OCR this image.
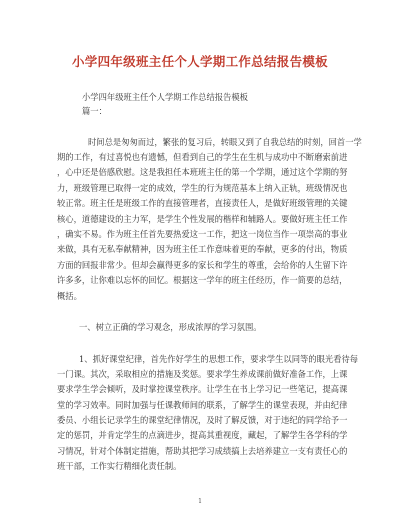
小学四年级班主任个人学期工作总结报告模板
小学四年级班主任个人学期工作总结报告模板
篇一：
时间总是匆匆而过，繁张的复习后，转眼又到了自我总结的时刻，回首一学
期的工作，有过喜悦也有遗憾，但看到自己的学生在生机与成功中不断磨索前进
，心中还是倍感欣慰。这是我担任本班班主任的第一个学期，通过这个学期的努
力，班级管理已取得一定的成效，学生的行为规范基本上纳入正轨，班级情况也
较正常。班主任是班级工作的直接管理者，直接责任人，是做好班级管理的关键
核心，道德建设的主力军，是学生个性发展的楷样和辅路人。要做好班主任工作
，确实不易。作为班主任首先要热爱这一工作，把这一岗位当作一项崇高的事业
来做，具有无私奉献精神，因为班主任工作意味着更的奉献，更多的付出，物质
方面的回报非常少。但却会赢得更多的家长和学生的尊重，会给你的人生留下许
许多多，让你难以忘怀的回忆。根据这一学年的班主任经历，作一简要的总结，
概括。
一、树立正确的学习观念，形成浓厚的学习氛围。
1、抓好课堂纪律，首先作好学生的思想工作，要求学生以同等的眼光看待每
一门课。其次，采取相应的措施及奖惩。要求学生养成课前做好准备工作，上课
要求学生学会倾听，及时掌控课堂秩序。让学生在书上学习记一些笔记，提高课
堂的学习效率。同时加强与任课教师间的联系，了解学生的课堂表现，并由纪律
委员、小组长记录学生的课堂纪律情况，及时了解反馈，对于违纪的同学给予一
定的惩罚，并肯定学生的点滴进步，提高其重视度，藏起，了解学生各学科的学
习情况，针对个体制定措施，帮助其把学习成绩搞上去培养建立一支有责任心的
班干部，工作实行精细化责任制。
1
